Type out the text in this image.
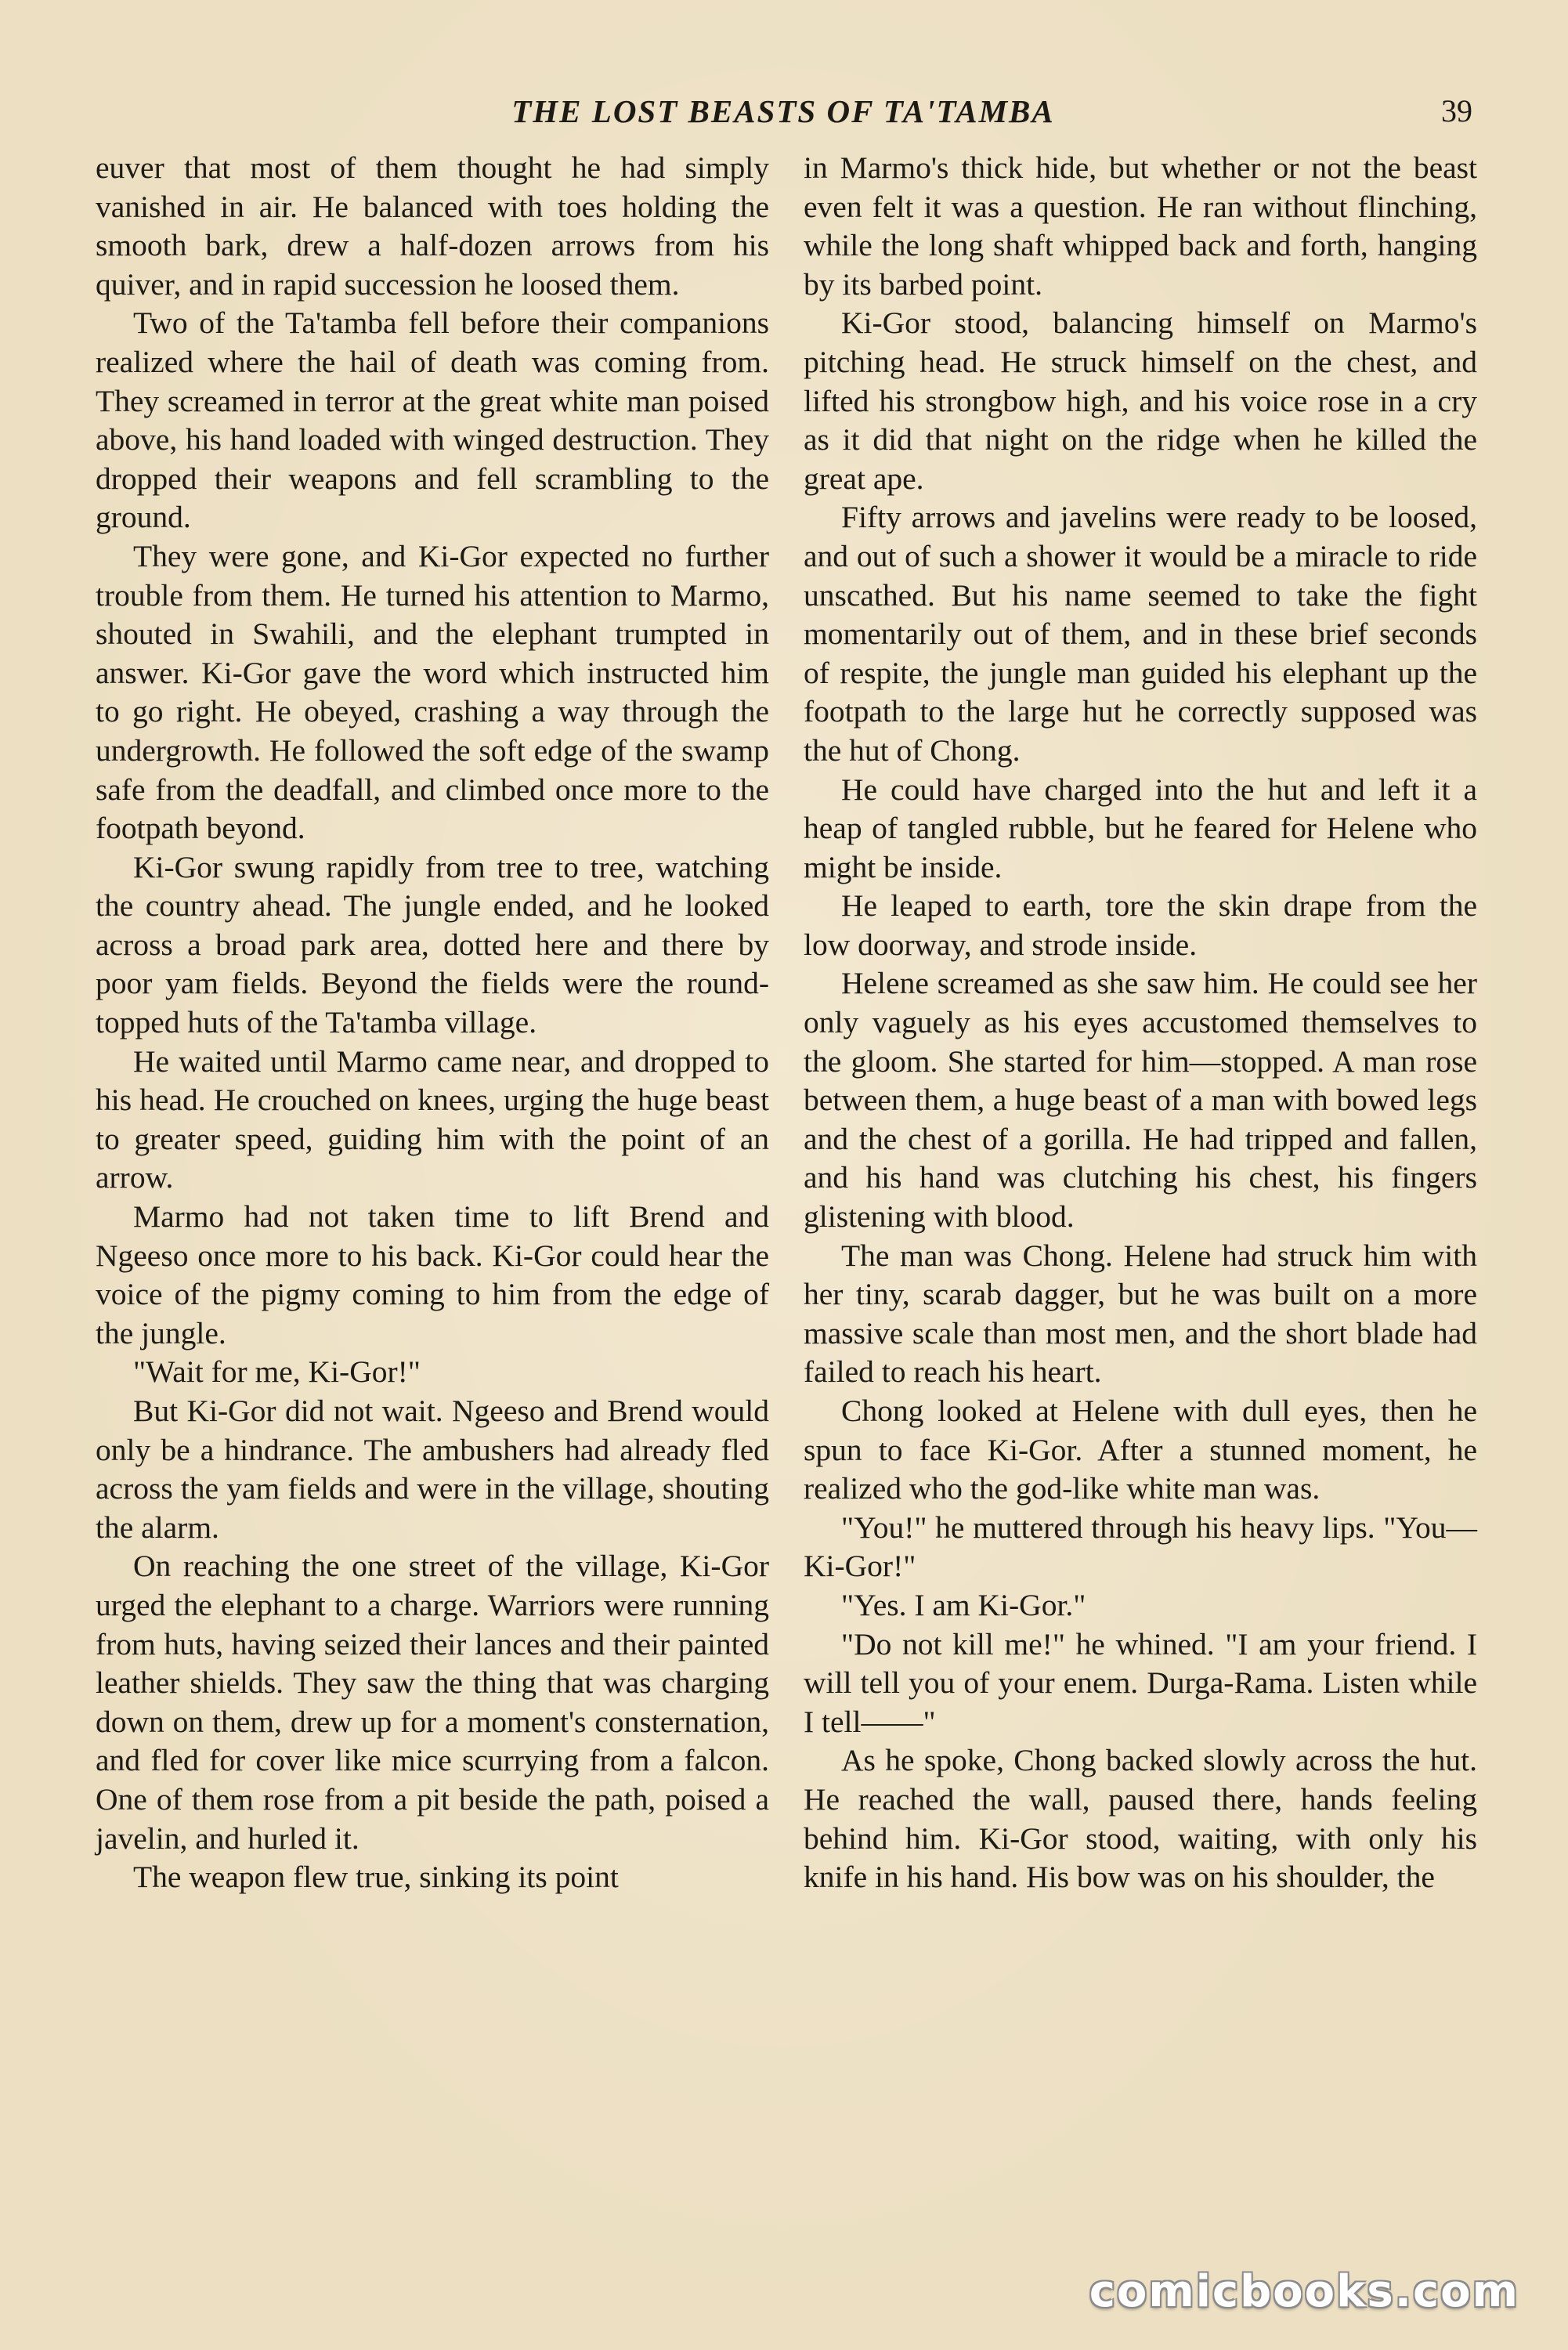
THE LOST BEASTS OF TA'TAMBA	39

euver that most of them thought he had simply vanished in air. He balanced with toes holding the smooth bark, drew a half-dozen arrows from his quiver, and in rapid succession he loosed them.

Two of the Ta'tamba fell before their companions realized where the hail of death was coming from. They screamed in terror at the great white man poised above, his hand loaded with winged destruction. They dropped their weapons and fell scrambling to the ground.

They were gone, and Ki-Gor expected no further trouble from them. He turned his attention to Marmo, shouted in Swahili, and the elephant trumpted in answer. Ki-Gor gave the word which instructed him to go right. He obeyed, crashing a way through the undergrowth. He followed the soft edge of the swamp safe from the deadfall, and climbed once more to the footpath beyond.

Ki-Gor swung rapidly from tree to tree, watching the country ahead. The jungle ended, and he looked across a broad park area, dotted here and there by poor yam fields. Beyond the fields were the round-topped huts of the Ta'tamba village.

He waited until Marmo came near, and dropped to his head. He crouched on knees, urging the huge beast to greater speed, guiding him with the point of an arrow.

Marmo had not taken time to lift Brend and Ngeeso once more to his back. Ki-Gor could hear the voice of the pigmy coming to him from the edge of the jungle.

"Wait for me, Ki-Gor!"

But Ki-Gor did not wait. Ngeeso and Brend would only be a hindrance. The ambushers had already fled across the yam fields and were in the village, shouting the alarm.

On reaching the one street of the village, Ki-Gor urged the elephant to a charge. Warriors were running from huts, having seized their lances and their painted leather shields. They saw the thing that was charging down on them, drew up for a moment's consternation, and fled for cover like mice scurrying from a falcon. One of them rose from a pit beside the path, poised a javelin, and hurled it.

The weapon flew true, sinking its point

in Marmo's thick hide, but whether or not the beast even felt it was a question. He ran without flinching, while the long shaft whipped back and forth, hanging by its barbed point.

Ki-Gor stood, balancing himself on Marmo's pitching head. He struck himself on the chest, and lifted his strongbow high, and his voice rose in a cry as it did that night on the ridge when he killed the great ape.

Fifty arrows and javelins were ready to be loosed, and out of such a shower it would be a miracle to ride unscathed. But his name seemed to take the fight momentarily out of them, and in these brief seconds of respite, the jungle man guided his elephant up the footpath to the large hut he correctly supposed was the hut of Chong.

He could have charged into the hut and left it a heap of tangled rubble, but he feared for Helene who might be inside.

He leaped to earth, tore the skin drape from the low doorway, and strode inside.

Helene screamed as she saw him. He could see her only vaguely as his eyes accustomed themselves to the gloom. She started for him—stopped. A man rose between them, a huge beast of a man with bowed legs and the chest of a gorilla. He had tripped and fallen, and his hand was clutching his chest, his fingers glistening with blood.

The man was Chong. Helene had struck him with her tiny, scarab dagger, but he was built on a more massive scale than most men, and the short blade had failed to reach his heart.

Chong looked at Helene with dull eyes, then he spun to face Ki-Gor. After a stunned moment, he realized who the god-like white man was.

"You!" he muttered through his heavy lips. "You—Ki-Gor!"

"Yes. I am Ki-Gor."

"Do not kill me!" he whined. "I am your friend. I will tell you of your enem. Durga-Rama. Listen while I tell——"

As he spoke, Chong backed slowly across the hut. He reached the wall, paused there, hands feeling behind him. Ki-Gor stood, waiting, with only his knife in his hand. His bow was on his shoulder, the

comicbooks.com
